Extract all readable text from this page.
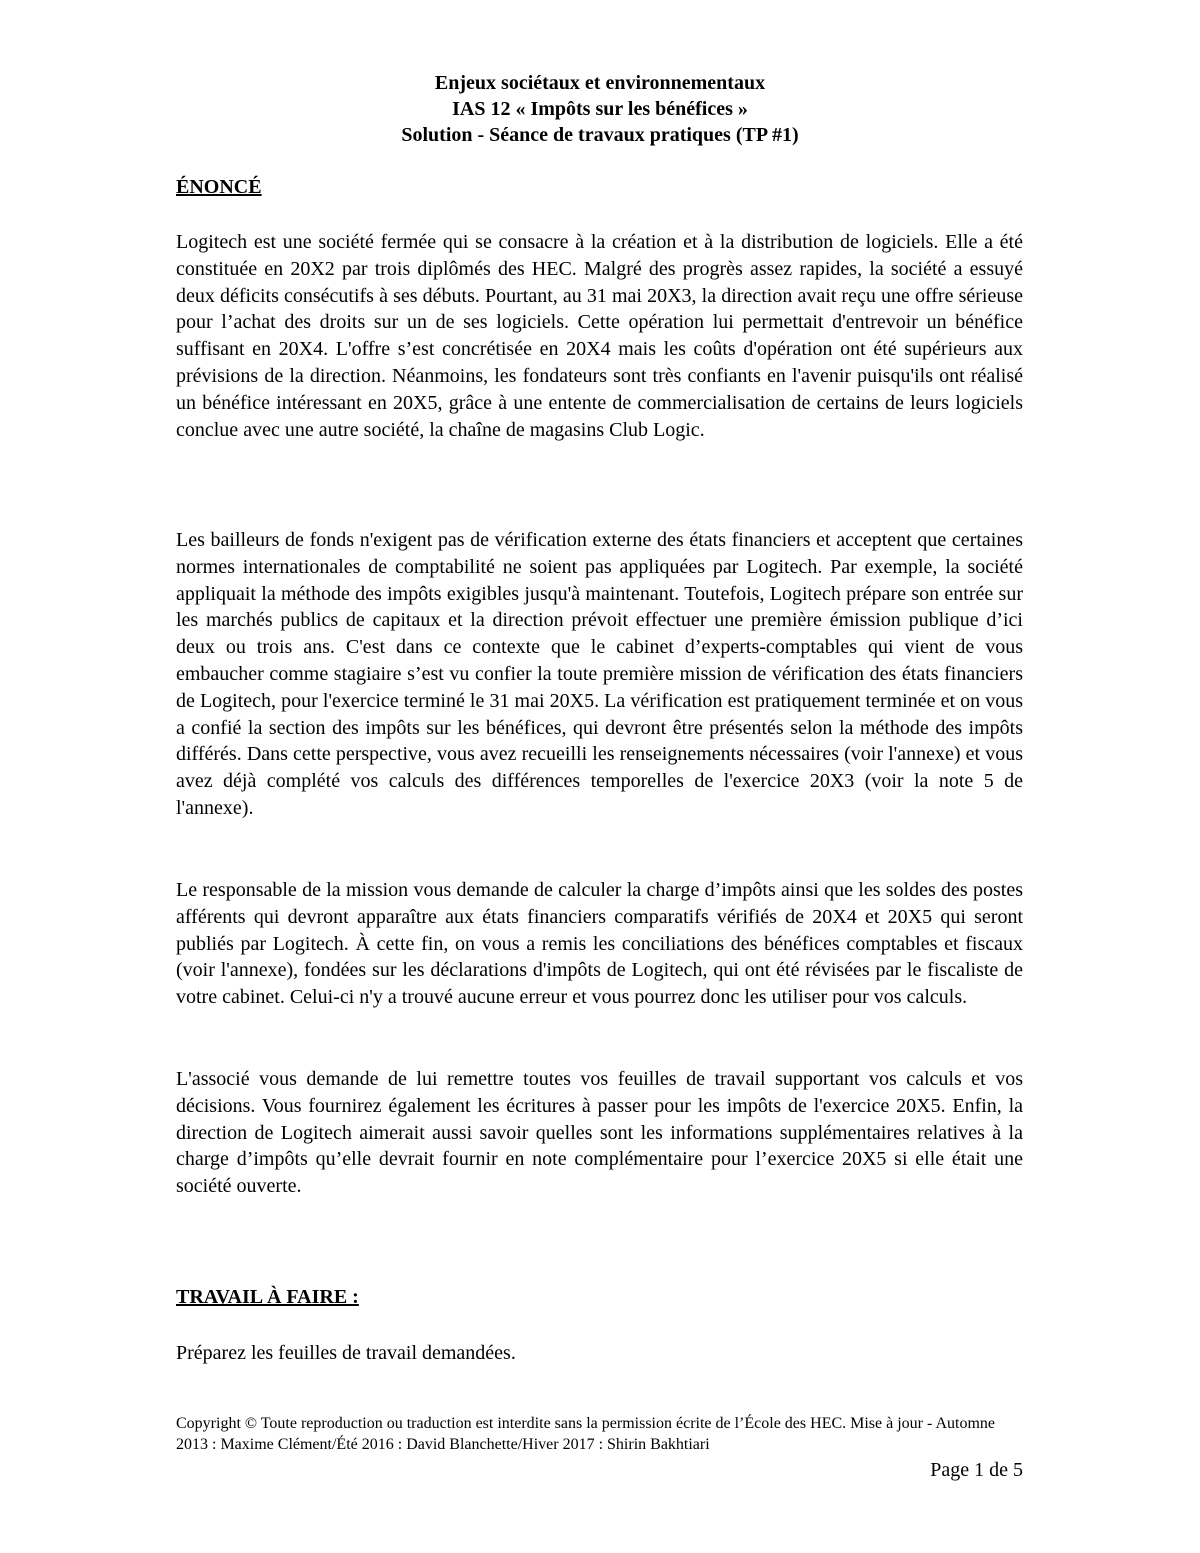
Enjeux sociétaux et environnementaux
IAS 12 « Impôts sur les bénéfices »
Solution - Séance de travaux pratiques (TP #1)
ÉNONCÉ

Logitech est une société fermée qui se consacre à la création et à la distribution de logiciels. Elle a été constituée en 20X2 par trois diplômés des HEC. Malgré des progrès assez rapides, la société a essuyé deux déficits consécutifs à ses débuts. Pourtant, au 31 mai 20X3, la direction avait reçu une offre sérieuse pour l’achat des droits sur un de ses logiciels. Cette opération lui permettait d'entrevoir un bénéfice suffisant en 20X4. L'offre s’est concrétisée en 20X4 mais les coûts d'opération ont été supérieurs aux prévisions de la direction. Néanmoins, les fondateurs sont très confiants en l'avenir puisqu'ils ont réalisé un bénéfice intéressant en 20X5, grâce à une entente de commercialisation de certains de leurs logiciels conclue avec une autre société, la chaîne de magasins Club Logic.

Les bailleurs de fonds n'exigent pas de vérification externe des états financiers et acceptent que certaines normes internationales de comptabilité ne soient pas appliquées par Logitech. Par exemple, la société appliquait la méthode des impôts exigibles jusqu'à maintenant. Toutefois, Logitech prépare son entrée sur les marchés publics de capitaux et la direction prévoit effectuer une première émission publique d’ici deux ou trois ans. C'est dans ce contexte que le cabinet d’experts-comptables qui vient de vous embaucher comme stagiaire s’est vu confier la toute première mission de vérification des états financiers de Logitech, pour l'exercice terminé le 31 mai 20X5. La vérification est pratiquement terminée et on vous a confié la section des impôts sur les bénéfices, qui devront être présentés selon la méthode des impôts différés. Dans cette perspective, vous avez recueilli les renseignements nécessaires (voir l'annexe) et vous avez déjà complété vos calculs des différences temporelles de l'exercice 20X3 (voir la note 5 de l'annexe).

Le responsable de la mission vous demande de calculer la charge d’impôts ainsi que les soldes des postes afférents qui devront apparaître aux états financiers comparatifs vérifiés de 20X4 et 20X5 qui seront publiés par Logitech. À cette fin, on vous a remis les conciliations des bénéfices comptables et fiscaux (voir l'annexe), fondées sur les déclarations d'impôts de Logitech, qui ont été révisées par le fiscaliste de votre cabinet. Celui-ci n'y a trouvé aucune erreur et vous pourrez donc les utiliser pour vos calculs.

L'associé vous demande de lui remettre toutes vos feuilles de travail supportant vos calculs et vos décisions. Vous fournirez également les écritures à passer pour les impôts de l'exercice 20X5. Enfin, la direction de Logitech aimerait aussi savoir quelles sont les informations supplémentaires relatives à la charge d’impôts qu’elle devrait fournir en note complémentaire pour l’exercice 20X5 si elle était une société ouverte.

TRAVAIL À FAIRE :

Préparez les feuilles de travail demandées.

Copyright © Toute reproduction ou traduction est interdite sans la permission écrite de l’École des HEC. Mise à jour - Automne 2013 : Maxime Clément/Été 2016 : David Blanchette/Hiver 2017 : Shirin Bakhtiari

Page 1 de 5
